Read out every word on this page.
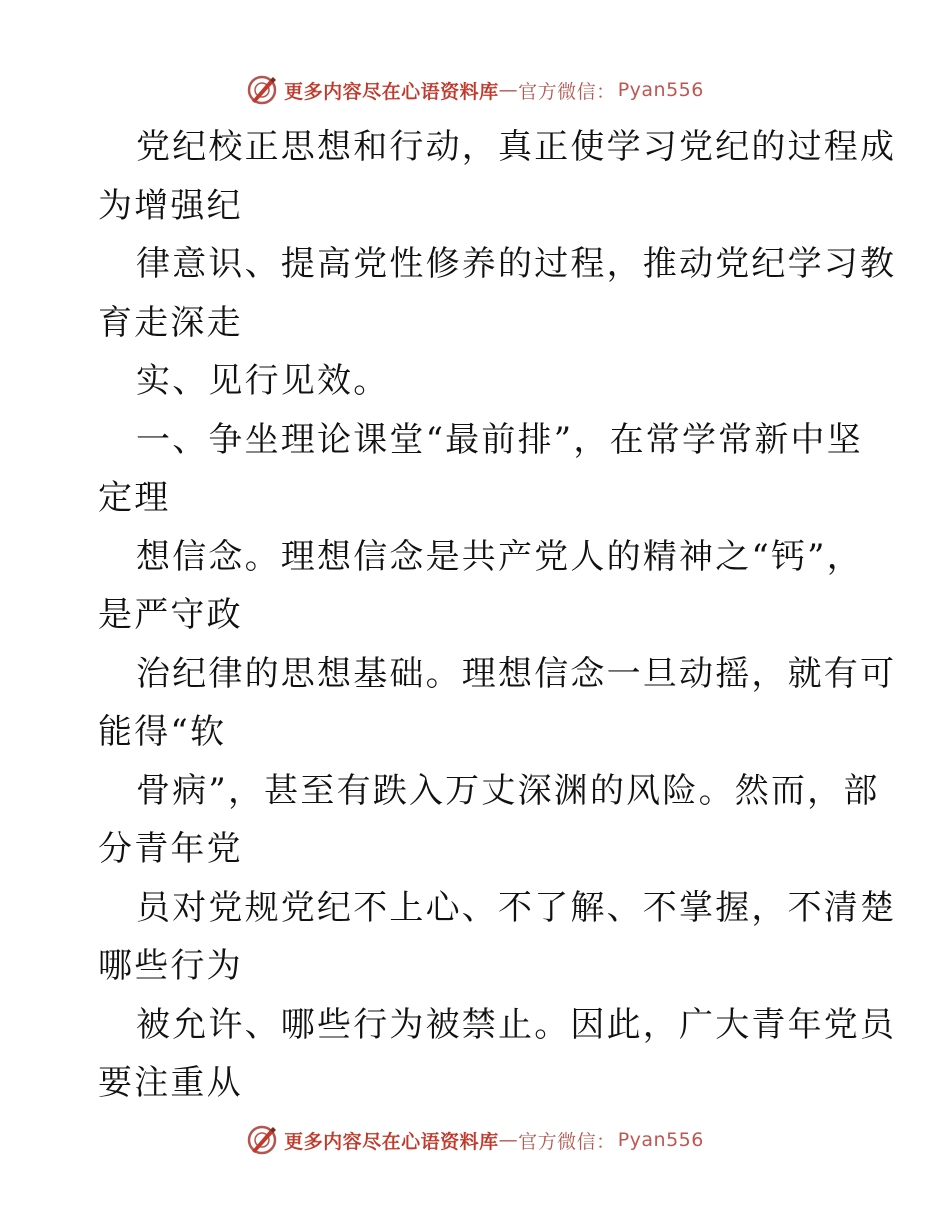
更多内容尽在心语资料库 — 官方微信： Pyan556

党纪校正思想和行动，真正使学习党纪的过程成
为增强纪

律意识、提高党性修养的过程，推动党纪学习教
育走深走

实、见行见效。

一、争坐理论课堂“最前排”，在常学常新中坚
定理

想信念。理想信念是共产党人的精神之“钙”，
是严守政

治纪律的思想基础。理想信念一旦动摇，就有可
能得“软

骨病”，甚至有跌入万丈深渊的风险。然而，部
分青年党

员对党规党纪不上心、不了解、不掌握，不清楚
哪些行为

被允许、哪些行为被禁止。因此，广大青年党员
要注重从

更多内容尽在心语资料库 — 官方微信： Pyan556
